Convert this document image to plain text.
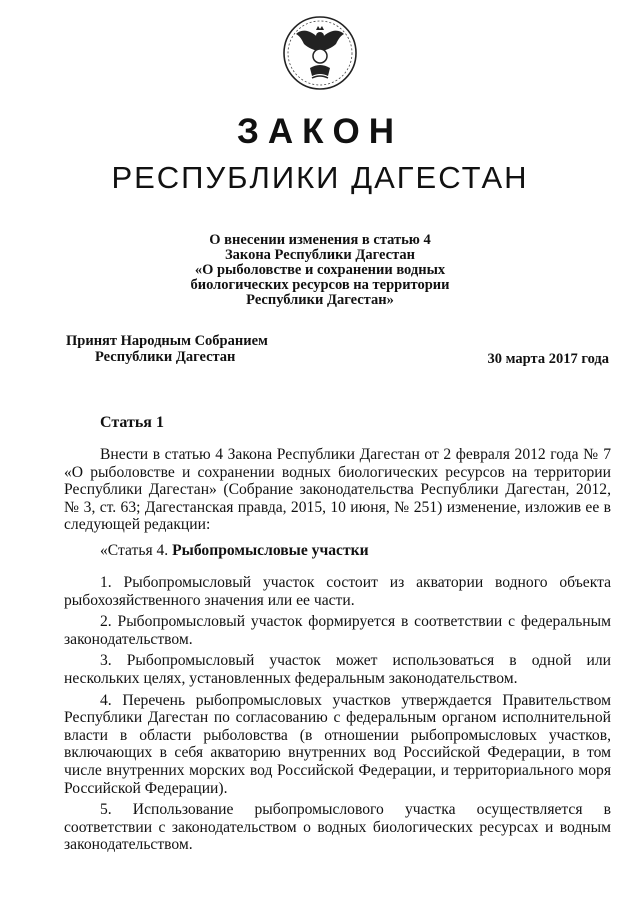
ЗАКОН
РЕСПУБЛИКИ ДАГЕСТАН
О внесении изменения в статью 4
Закона Республики Дагестан
«О рыболовстве и сохранении водных
биологических ресурсов на территории
Республики Дагестан»
Принят Народным Собранием
Республики Дагестан	30 марта 2017 года
Статья 1

Внести в статью 4 Закона Республики Дагестан от 2 февраля 2012 года № 7 «О рыболовстве и сохранении водных биологических ресурсов на территории Республики Дагестан» (Собрание законодательства Республики Дагестан, 2012, № 3, ст. 63; Дагестанская правда, 2015, 10 июня, № 251) изменение, изложив ее в следующей редакции:

«Статья 4. Рыбопромысловые участки

1. Рыбопромысловый участок состоит из акватории водного объекта рыбохозяйственного значения или ее части.

2. Рыбопромысловый участок формируется в соответствии с федеральным законодательством.

3. Рыбопромысловый участок может использоваться в одной или нескольких целях, установленных федеральным законодательством.

4. Перечень рыбопромысловых участков утверждается Правительством Республики Дагестан по согласованию с федеральным органом исполнительной власти в области рыболовства (в отношении рыбопромысловых участков, включающих в себя акваторию внутренних вод Российской Федерации, в том числе внутренних морских вод Российской Федерации, и территориального моря Российской Федерации).

5. Использование рыбопромыслового участка осуществляется в соответствии с законодательством о водных биологических ресурсах и водным законодательством.
